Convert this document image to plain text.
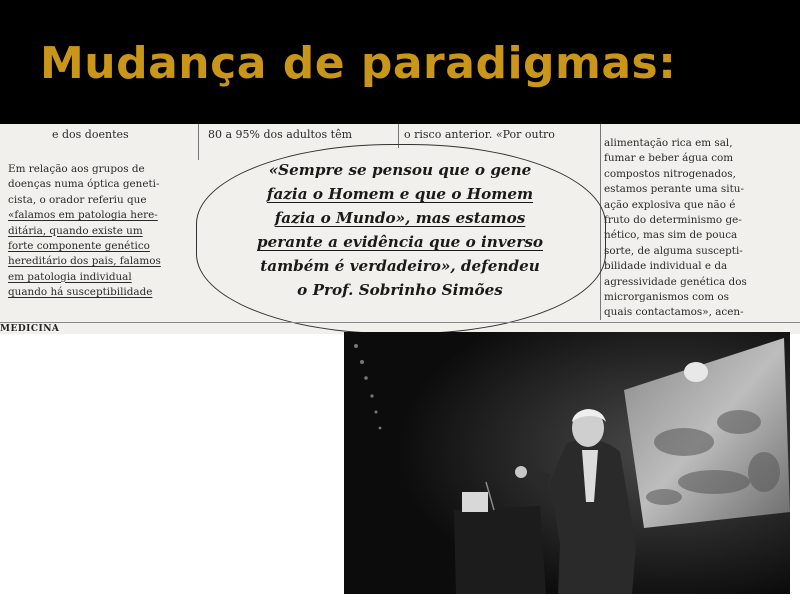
Mudança de paradigmas:
e dos doentes	80 a 95% dos adultos têm	o risco anterior. «Por outro
Em relação aos grupos de
doenças numa óptica geneti-
cista, o orador referiu que
«falamos em patologia here-
ditária, quando existe um
forte componente genético
hereditário dos pais, falamos
em patologia individual
quando há susceptibilidade
«Sempre se pensou que o gene
fazia o Homem e que o Homem
fazia o Mundo», mas estamos
perante a evidência que o inverso
também é verdadeiro», defendeu
o Prof. Sobrinho Simões
alimentação rica em sal,
fumar e beber água com
compostos nitrogenados,
estamos perante uma situ-
ação explosiva que não é
fruto do determinismo ge-
nético, mas sim de pouca
sorte, de alguma suscepti-
bilidade individual e da
agressividade genética dos
microrganismos com os
quais contactamos», acen-
MEDICINA
